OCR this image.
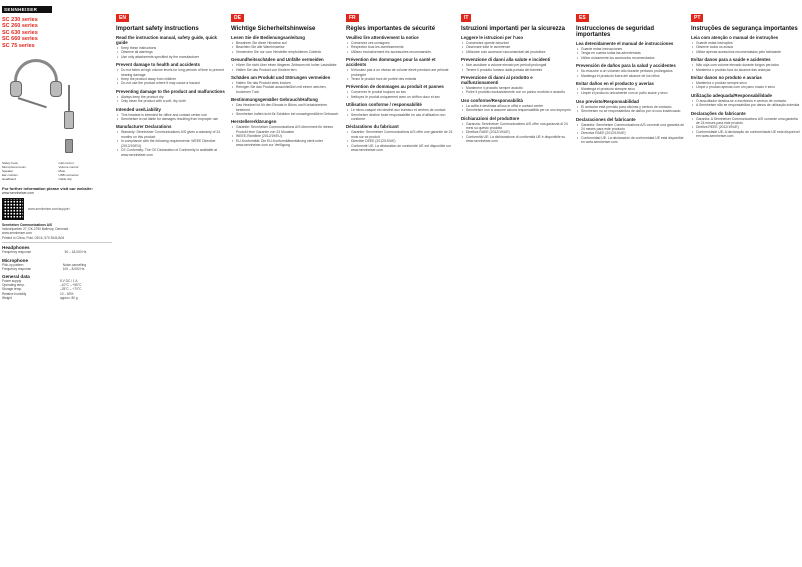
SENNHEISER
SC 230 series
SC 260 series
SC 630 series
SC 660 series
SC 75 series
Safety hook	Call control
Microphone boom	Volume control
Speaker	Mute
Ear cushion	USB connector
Headband	Cable clip
For further information please visit our website:
www.sennheiser.com
www.sennheiser.com/support
Sennheiser Communications A/S
Industriparken 27, DK-2750 Ballerup, Denmark
www.sennheiser.com
Printed in China, Publ. 03/16, 570 3541/A04
Headphones
Frequency response	50 – 18,000 Hz
Microphone
Pick-up pattern	Noise-cancelling
Frequency response	100 – 8,000 Hz
General data
Power supply	5 V DC / 1 A
Operating temp.	–10°C – +55°C
Storage temp.	–25°C – +70°C
Relative humidity	10 – 80%
Weight	approx. 80 g
EN
Important safety instructions
Read the instruction manual, safety guide, quick guide
• Keep these instructions
• Observe all warnings
• Use only attachments specified by the manufacturer
Prevent damage to health and accidents
• Do not listen at high volume levels for long periods of time to prevent hearing damage
• Keep the product away from children
• Do not use the product where it may cause a hazard
Preventing damage to the product and malfunctions
• Always keep the product dry
• Only clean the product with a soft, dry cloth
Intended use/Liability
• This headset is intended for office and contact center use
• Sennheiser is not liable for damages resulting from improper use
Manufacturer Declarations
• Warranty: Sennheiser Communications A/S gives a warranty of 24 months on this product
• In compliance with the following requirements: WEEE Directive (2012/19/EU)
• CE Conformity: The CE Declaration of Conformity is available at www.sennheiser.com
DE
Wichtige Sicherheitshinweise
Lesen Sie die Bedienungsanleitung
• Bewahren Sie diese Hinweise auf
• Beachten Sie alle Warnhinweise
• Verwenden Sie nur vom Hersteller empfohlenes Zubehör
Gesundheitsschäden und Unfälle vermeiden
• Hören Sie nicht über einen längeren Zeitraum mit hoher Lautstärke
• Halten Sie das Produkt von Kindern fern
Schäden am Produkt und Störungen vermeiden
• Halten Sie das Produkt stets trocken
• Reinigen Sie das Produkt ausschließlich mit einem weichen, trockenen Tuch
Bestimmungsgemäßer Gebrauch/Haftung
• Das Headset ist für den Einsatz in Büros und Kontaktzentren bestimmt
• Sennheiser haftet nicht für Schäden bei unsachgemäßem Gebrauch
Herstellererklärungen
• Garantie: Sennheiser Communications A/S übernimmt für dieses Produkt eine Garantie von 24 Monaten
• WEEE-Richtlinie (2012/19/EU)
• EU-Konformität: Die EU-Konformitätserklärung steht unter www.sennheiser.com zur Verfügung
FR
Règles importantes de sécurité
Veuillez lire attentivement la notice
• Conservez ces consignes
• Respectez tous les avertissements
• Utilisez exclusivement les accessoires recommandés
Prévention des dommages pour la santé et accidents
• N'écoutez pas à un niveau de volume élevé pendant une période prolongée
• Tenez le produit hors de portée des enfants
Prévention de dommages au produit et pannes
• Conservez le produit toujours au sec
• Nettoyez le produit uniquement avec un chiffon doux et sec
Utilisation conforme / responsabilité
• Le micro-casque est destiné aux bureaux et centres de contact
• Sennheiser décline toute responsabilité en cas d'utilisation non conforme
Déclarations du fabricant
• Garantie: Sennheiser Communications A/S offre une garantie de 24 mois sur ce produit
• Directive DEEE (2012/19/UE)
• Conformité UE: La déclaration de conformité UE est disponible sur www.sennheiser.com
IT
Istruzioni importanti per la sicurezza
Leggere le istruzioni per l'uso
• Conservare queste istruzioni
• Osservare tutte le avvertenze
• Utilizzare solo accessori raccomandati dal produttore
Prevenzione di danni alla salute e incidenti
• Non ascoltare a volume elevato per periodi prolungati
• Tenere il prodotto lontano dalla portata dei bambini
Prevenzione di danni al prodotto e malfunzionamenti
• Mantenere il prodotto sempre asciutto
• Pulire il prodotto esclusivamente con un panno morbido e asciutto
Uso conforme/Responsabilità
• La cuffia è destinata all'uso in uffici e contact center
• Sennheiser non si assume alcuna responsabilità per un uso improprio
Dichiarazioni del produttore
• Garanzia: Sennheiser Communications A/S offre una garanzia di 24 mesi su questo prodotto
• Direttiva RAEE (2012/19/UE)
• Conformità UE: La dichiarazione di conformità UE è disponibile su www.sennheiser.com
ES
Instrucciones de seguridad importantes
Lea detenidamente el manual de instrucciones
• Guarde estas instrucciones
• Tenga en cuenta todas las advertencias
• Utilice únicamente los accesorios recomendados
Prevención de daños para la salud y accidentes
• No escuche a un volumen alto durante periodos prolongados
• Mantenga el producto fuera del alcance de los niños
Evitar daños en el producto y averías
• Mantenga el producto siempre seco
• Limpie el producto únicamente con un paño suave y seco
Uso previsto/Responsabilidad
• El auricular está previsto para oficinas y centros de contacto
• Sennheiser no se responsabiliza de daños por un uso inadecuado
Declaraciones del fabricante
• Garantía: Sennheiser Communications A/S concede una garantía de 24 meses para este producto
• Directiva RAEE (2012/19/UE)
• Conformidad UE: La declaración de conformidad UE está disponible en www.sennheiser.com
PT
Instruções de segurança importantes
Leia com atenção o manual de instruções
• Guarde estas instruções
• Observe todos os avisos
• Utilize apenas acessórios recomendados pelo fabricante
Evitar danos para a saúde e acidentes
• Não oiça com volume elevado durante longos períodos
• Mantenha o produto fora do alcance das crianças
Evitar danos no produto e avarias
• Mantenha o produto sempre seco
• Limpe o produto apenas com um pano macio e seco
Utilização adequada/Responsabilidade
• O auscultador destina-se a escritórios e centros de contacto
• A Sennheiser não se responsabiliza por danos de utilização indevida
Declarações do fabricante
• Garantia: A Sennheiser Communications A/S concede uma garantia de 24 meses para este produto
• Diretiva REEE (2012/19/UE)
• Conformidade UE: A declaração de conformidade UE está disponível em www.sennheiser.com
